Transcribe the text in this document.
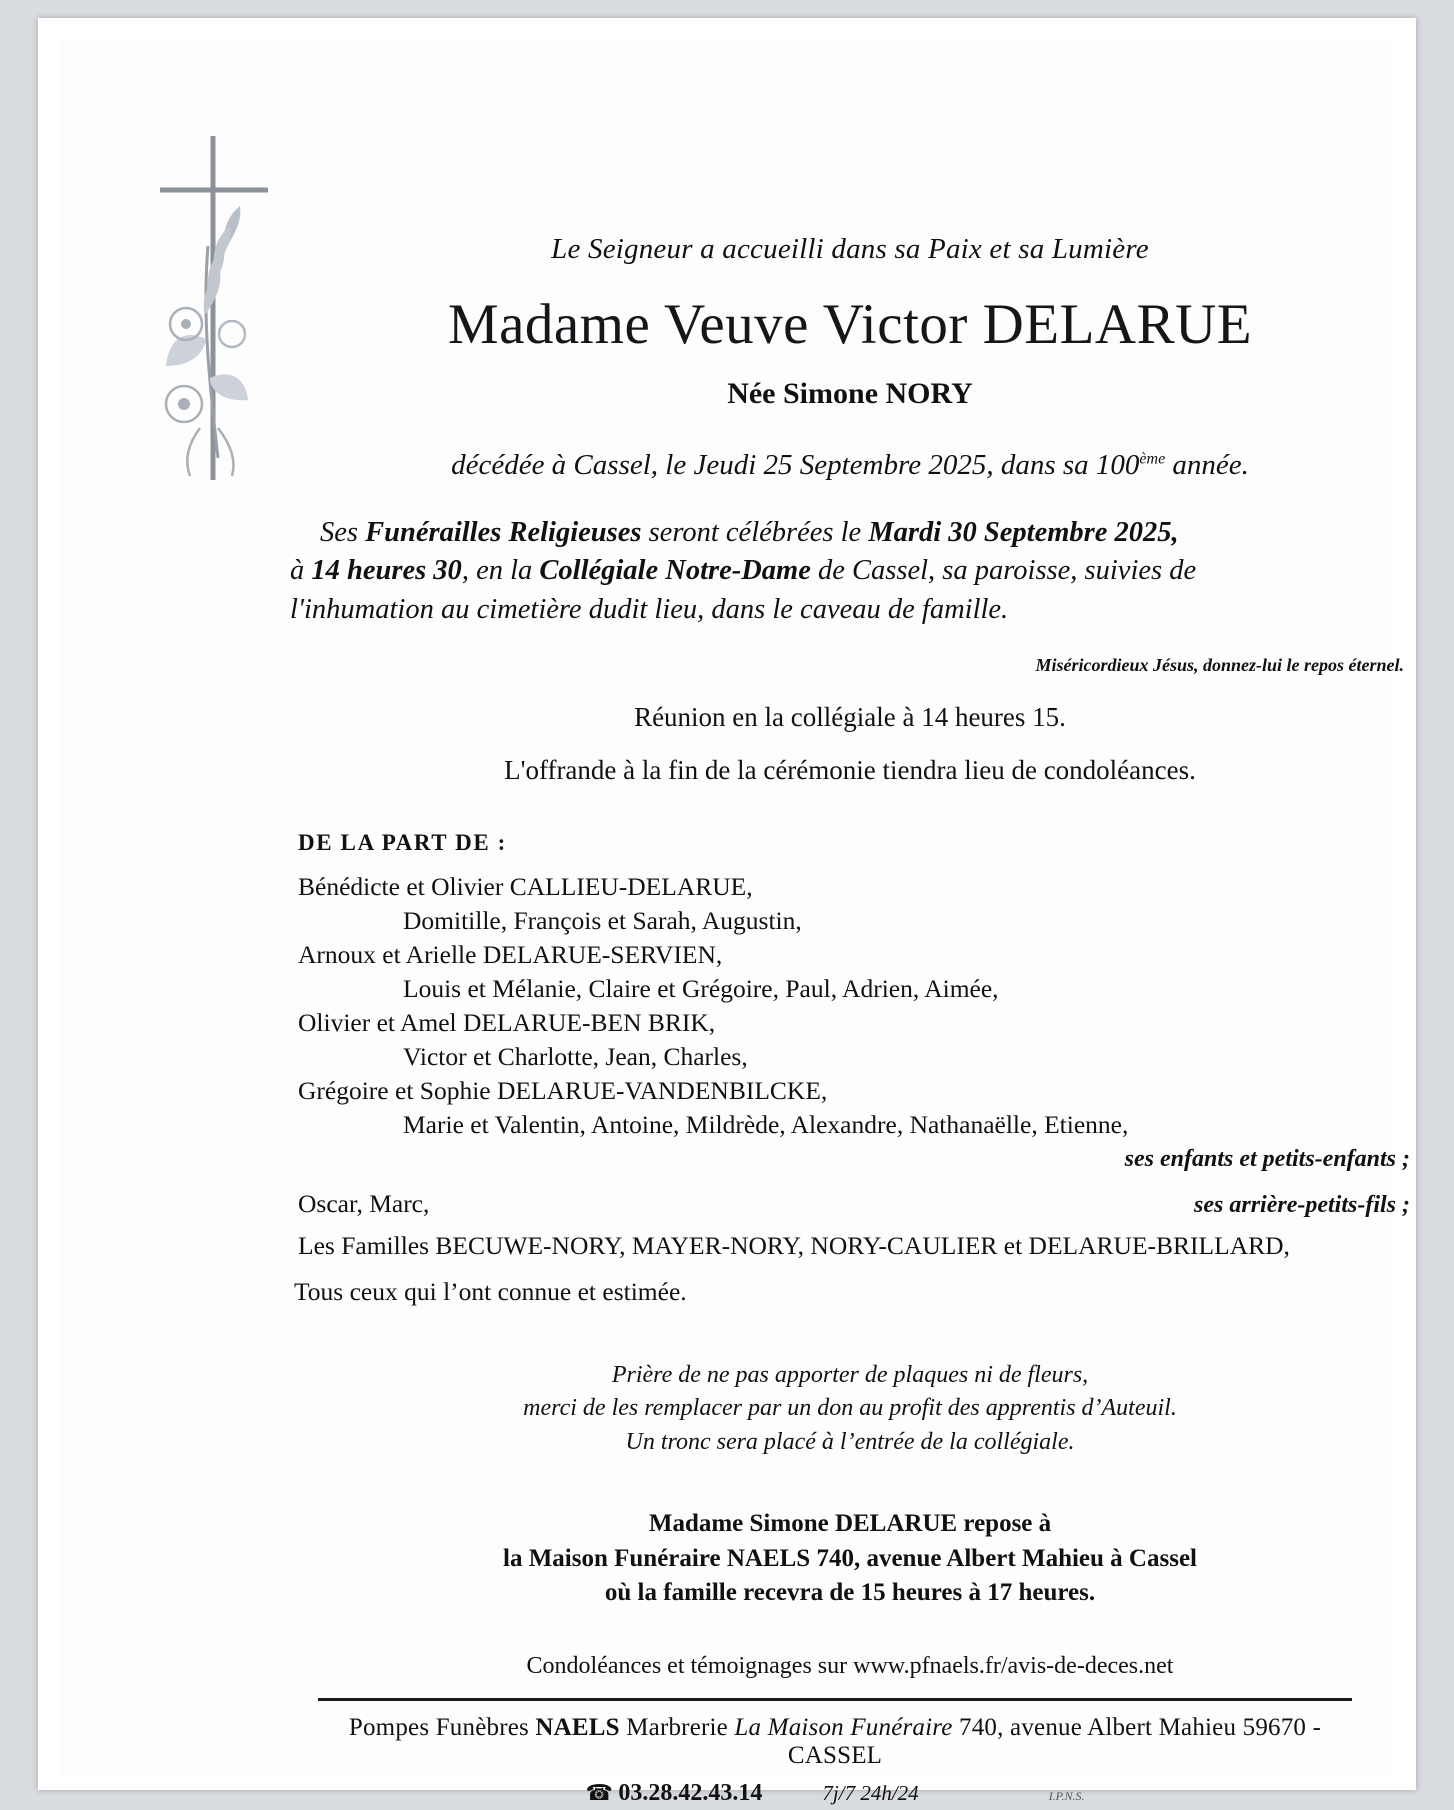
Le Seigneur a accueilli dans sa Paix et sa Lumière
Madame Veuve Victor DELARUE
Née Simone NORY
décédée à Cassel, le Jeudi 25 Septembre 2025, dans sa 100ème année.
Ses Funérailles Religieuses seront célébrées le Mardi 30 Septembre 2025,
à 14 heures 30, en la Collégiale Notre-Dame de Cassel, sa paroisse, suivies de
l'inhumation au cimetière dudit lieu, dans le caveau de famille.
Miséricordieux Jésus, donnez-lui le repos éternel.
Réunion en la collégiale à 14 heures 15.
L'offrande à la fin de la cérémonie tiendra lieu de condoléances.
DE LA PART DE :
Bénédicte et Olivier CALLIEU-DELARUE,
Domitille, François et Sarah, Augustin,
Arnoux et Arielle DELARUE-SERVIEN,
Louis et Mélanie, Claire et Grégoire, Paul, Adrien, Aimée,
Olivier et Amel DELARUE-BEN BRIK,
Victor et Charlotte, Jean, Charles,
Grégoire et Sophie DELARUE-VANDENBILCKE,
Marie et Valentin, Antoine, Mildrède, Alexandre, Nathanaëlle, Etienne,
ses enfants et petits-enfants ;
Oscar, Marc,	ses arrière-petits-fils ;
Les Familles BECUWE-NORY, MAYER-NORY, NORY-CAULIER et DELARUE-BRILLARD,
Tous ceux qui l’ont connue et estimée.
Prière de ne pas apporter de plaques ni de fleurs,
merci de les remplacer par un don au profit des apprentis d’Auteuil.
Un tronc sera placé à l’entrée de la collégiale.
Madame Simone DELARUE repose à
la Maison Funéraire NAELS 740, avenue Albert Mahieu à Cassel
où la famille recevra de 15 heures à 17 heures.
Condoléances et témoignages sur www.pfnaels.fr/avis-de-deces.net
Pompes Funèbres NAELS Marbrerie La Maison Funéraire 740, avenue Albert Mahieu 59670 - CASSEL
☎ 03.28.42.43.14	7j/7 24h/24	I.P.N.S.
